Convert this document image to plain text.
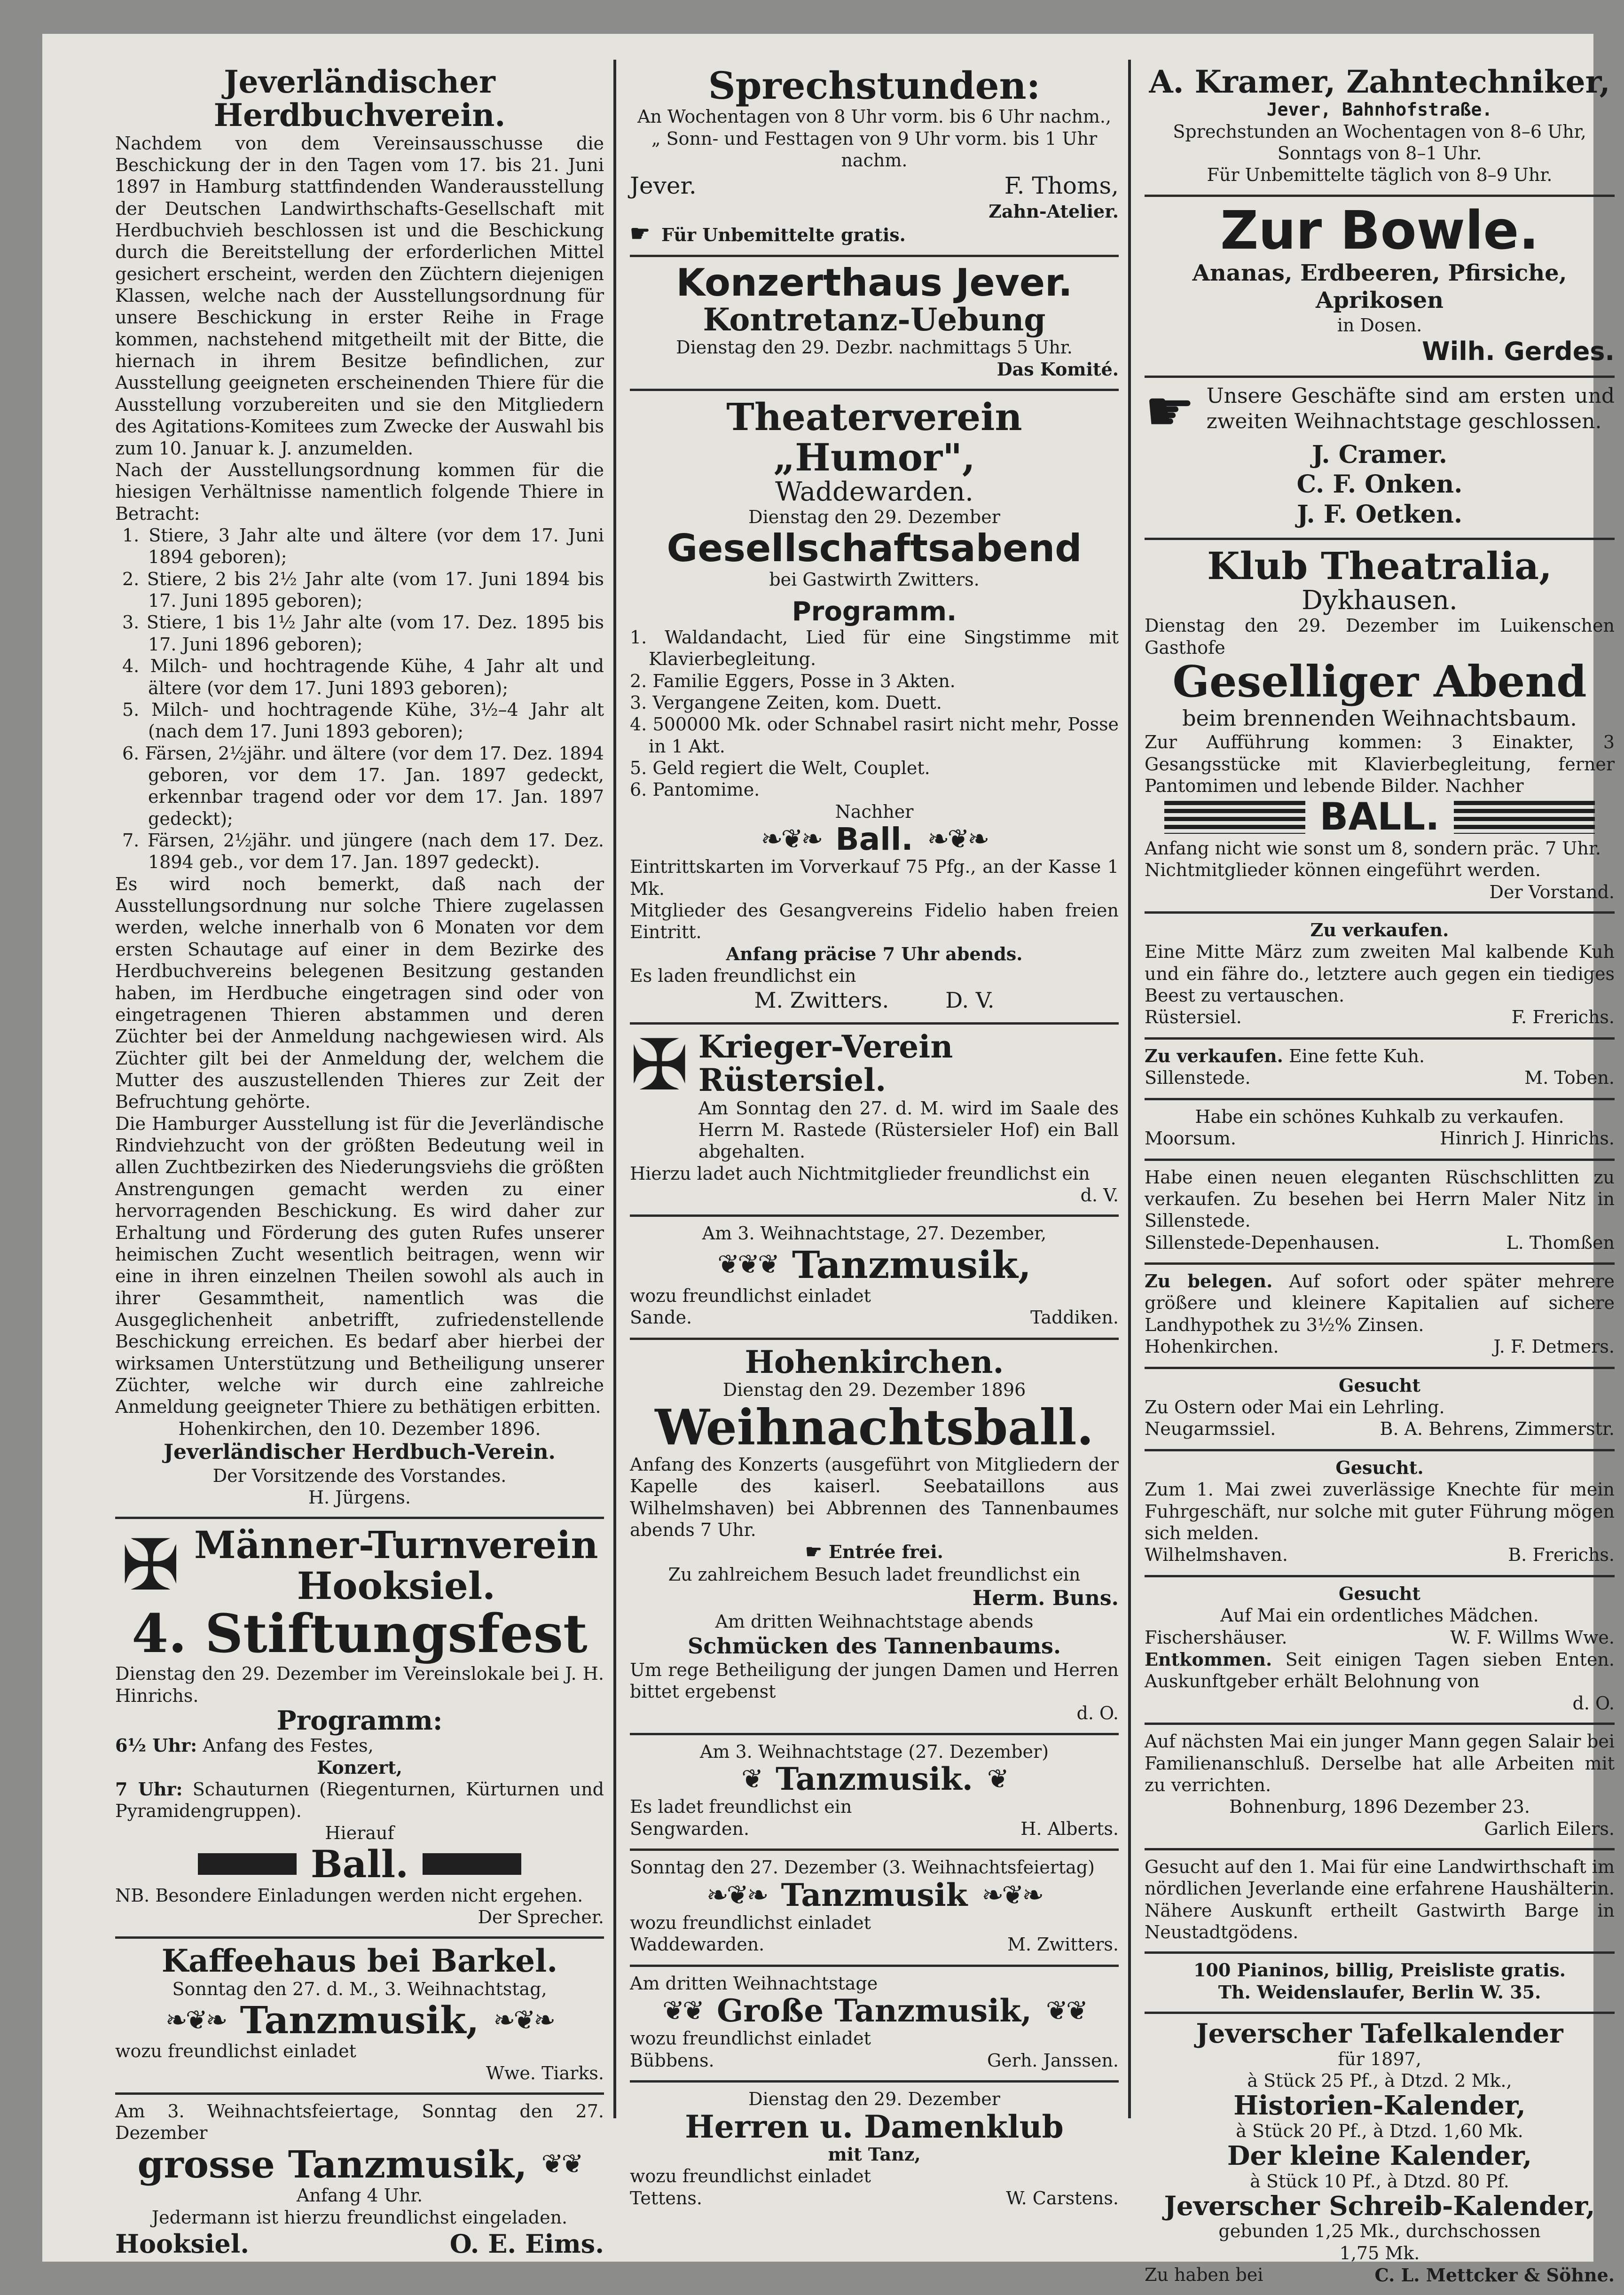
Jeverländischer Herdbuchverein.

Nachdem von dem Vereinsausschusse die Beschickung der in den Tagen vom 17. bis 21. Juni 1897 in Hamburg stattfindenden Wanderausstellung der Deutschen Landwirthschafts-Gesellschaft mit Herdbuchvieh beschlossen ist und die Beschickung durch die Bereitstellung der erforderlichen Mittel gesichert erscheint, werden den Züchtern diejenigen Klassen, welche nach der Ausstellungsordnung für unsere Beschickung in erster Reihe in Frage kommen, nachstehend mitgetheilt mit der Bitte, die hiernach in ihrem Besitze befindlichen, zur Ausstellung geeigneten erscheinenden Thiere für die Ausstellung vorzubereiten und sie den Mitgliedern des Agitations-Komitees zum Zwecke der Auswahl bis zum 10. Januar k. J. anzumelden.

Nach der Ausstellungsordnung kommen für die hiesigen Verhältnisse namentlich folgende Thiere in Betracht:

1. Stiere, 3 Jahr alte und ältere (vor dem 17. Juni 1894 geboren);

2. Stiere, 2 bis 2½ Jahr alte (vom 17. Juni 1894 bis 17. Juni 1895 geboren);

3. Stiere, 1 bis 1½ Jahr alte (vom 17. Dez. 1895 bis 17. Juni 1896 geboren);

4. Milch- und hochtragende Kühe, 4 Jahr alt und ältere (vor dem 17. Juni 1893 geboren);

5. Milch- und hochtragende Kühe, 3½–4 Jahr alt (nach dem 17. Juni 1893 geboren);

6. Färsen, 2½jähr. und ältere (vor dem 17. Dez. 1894 geboren, vor dem 17. Jan. 1897 gedeckt, erkennbar tragend oder vor dem 17. Jan. 1897 gedeckt);

7. Färsen, 2½jähr. und jüngere (nach dem 17. Dez. 1894 geb., vor dem 17. Jan. 1897 gedeckt).

Es wird noch bemerkt, daß nach der Ausstellungsordnung nur solche Thiere zugelassen werden, welche innerhalb von 6 Monaten vor dem ersten Schautage auf einer in dem Bezirke des Herdbuchvereins belegenen Besitzung gestanden haben, im Herdbuche eingetragen sind oder von eingetragenen Thieren abstammen und deren Züchter bei der Anmeldung nachgewiesen wird. Als Züchter gilt bei der Anmeldung der, welchem die Mutter des auszustellenden Thieres zur Zeit der Befruchtung gehörte.

Die Hamburger Ausstellung ist für die Jeverländische Rindviehzucht von der größten Bedeutung weil in allen Zuchtbezirken des Niederungsviehs die größten Anstrengungen gemacht werden zu einer hervorragenden Beschickung. Es wird daher zur Erhaltung und Förderung des guten Rufes unserer heimischen Zucht wesentlich beitragen, wenn wir eine in ihren einzelnen Theilen sowohl als auch in ihrer Gesammtheit, namentlich was die Ausgeglichenheit anbetrifft, zufriedenstellende Beschickung erreichen. Es bedarf aber hierbei der wirksamen Unterstützung und Betheiligung unserer Züchter, welche wir durch eine zahlreiche Anmeldung geeigneter Thiere zu bethätigen erbitten.

Hohenkirchen, den 10. Dezember 1896.

Jeverländischer Herdbuch-Verein.

Der Vorsitzende des Vorstandes.

H. Jürgens.

✠ Männer-Turnverein
Hooksiel.
4. Stiftungsfest

Dienstag den 29. Dezember im Vereinslokale bei J. H. Hinrichs.

Programm:

6½ Uhr: Anfang des Festes,

Konzert,

7 Uhr: Schauturnen (Riegenturnen, Kürturnen und Pyramidengruppen).

Hierauf

Ball.

NB. Besondere Einladungen werden nicht ergehen.

Der Sprecher.

Kaffeehaus bei Barkel.

Sonntag den 27. d. M., 3. Weihnachtstag,

❧❦❧ Tanzmusik, ❧❦❧

wozu freundlichst einladet

Wwe. Tiarks.

Am 3. Weihnachtsfeiertage, Sonntag den 27. Dezember

grosse Tanzmusik, ❦❦

Anfang 4 Uhr.

Jedermann ist hierzu freundlichst eingeladen.

Hooksiel.	O. E. Eims.
Sprechstunden:

An Wochentagen von 8 Uhr vorm. bis 6 Uhr nachm.,

„ Sonn- und Festtagen von 9 Uhr vorm. bis 1 Uhr nachm.

Jever.	F. Thoms,

Zahn-Atelier.

☛ Für Unbemittelte gratis.

Konzerthaus Jever.
Kontretanz-Uebung

Dienstag den 29. Dezbr. nachmittags 5 Uhr.

Das Komité.

Theaterverein „Humor",
Waddewarden.

Dienstag den 29. Dezember

Gesellschaftsabend

bei Gastwirth Zwitters.

Programm.

1. Waldandacht, Lied für eine Singstimme mit Klavierbegleitung.

2. Familie Eggers, Posse in 3 Akten.

3. Vergangene Zeiten, kom. Duett.

4. 500000 Mk. oder Schnabel rasirt nicht mehr, Posse in 1 Akt.

5. Geld regiert die Welt, Couplet.

6. Pantomime.

Nachher

❧❦❧ Ball. ❧❦❧

Eintrittskarten im Vorverkauf 75 Pfg., an der Kasse 1 Mk.

Mitglieder des Gesangvereins Fidelio haben freien Eintritt.

Anfang präcise 7 Uhr abends.

Es laden freundlichst ein

M. Zwitters.	D. V.
✠ Krieger-Verein Rüstersiel.

Am Sonntag den 27. d. M. wird im Saale des Herrn M. Rastede (Rüstersieler Hof) ein Ball abgehalten.

Hierzu ladet auch Nichtmitglieder freundlichst ein

d. V.

Am 3. Weihnachtstage, 27. Dezember,

❦❦❦ Tanzmusik,

wozu freundlichst einladet

Sande.	Taddiken.
Hohenkirchen.

Dienstag den 29. Dezember 1896

Weihnachtsball.

Anfang des Konzerts (ausgeführt von Mitgliedern der Kapelle des kaiserl. Seebataillons aus Wilhelmshaven) bei Abbrennen des Tannenbaumes abends 7 Uhr.

☛ Entrée frei.

Zu zahlreichem Besuch ladet freundlichst ein

Herm. Buns.

Am dritten Weihnachtstage abends

Schmücken des Tannenbaums.

Um rege Betheiligung der jungen Damen und Herren bittet ergebenst

d. O.

Am 3. Weihnachtstage (27. Dezember)

❦ Tanzmusik. ❦

Es ladet freundlichst ein

Sengwarden.	H. Alberts.

Sonntag den 27. Dezember (3. Weihnachtsfeiertag)

❧❦❧ Tanzmusik ❧❦❧

wozu freundlichst einladet

Waddewarden.	M. Zwitters.

Am dritten Weihnachtstage

❦❦ Große Tanzmusik, ❦❦

wozu freundlichst einladet

Bübbens.	Gerh. Janssen.

Dienstag den 29. Dezember

Herren u. Damenklub

mit Tanz,

wozu freundlichst einladet

Tettens.	W. Carstens.
A. Kramer, Zahntechniker,

Jever, Bahnhofstraße.

Sprechstunden an Wochentagen von 8–6 Uhr,

Sonntags von 8–1 Uhr.

Für Unbemittelte täglich von 8–9 Uhr.

Zur Bowle.

Ananas, Erdbeeren, Pfirsiche, Aprikosen

in Dosen.

Wilh. Gerdes.

☛ Unsere Geschäfte sind am ersten und zweiten Weihnachtstage geschlossen.

J. Cramer.

C. F. Onken.

J. F. Oetken.

Klub Theatralia,
Dykhausen.

Dienstag den 29. Dezember im Luikenschen Gasthofe

Geselliger Abend

beim brennenden Weihnachtsbaum.

Zur Aufführung kommen: 3 Einakter, 3 Gesangsstücke mit Klavierbegleitung, ferner Pantomimen und lebende Bilder. Nachher

BALL.

Anfang nicht wie sonst um 8, sondern präc. 7 Uhr.

Nichtmitglieder können eingeführt werden.

Der Vorstand.

Zu verkaufen.

Eine Mitte März zum zweiten Mal kalbende Kuh und ein fähre do., letztere auch gegen ein tiediges Beest zu vertauschen.

Rüstersiel.	F. Frerichs.

Zu verkaufen. Eine fette Kuh.

Sillenstede.	M. Toben.

Habe ein schönes Kuhkalb zu verkaufen.

Moorsum.	Hinrich J. Hinrichs.

Habe einen neuen eleganten Rüschschlitten zu verkaufen. Zu besehen bei Herrn Maler Nitz in Sillenstede.

Sillenstede-Depenhausen.	L. Thomßen

Zu belegen. Auf sofort oder später mehrere größere und kleinere Kapitalien auf sichere Landhypothek zu 3½% Zinsen.

Hohenkirchen.	J. F. Detmers.

Gesucht

Zu Ostern oder Mai ein Lehrling.

Neugarmssiel.	B. A. Behrens, Zimmerstr.

Gesucht.

Zum 1. Mai zwei zuverlässige Knechte für mein Fuhrgeschäft, nur solche mit guter Führung mögen sich melden.

Wilhelmshaven.	B. Frerichs.

Gesucht

Auf Mai ein ordentliches Mädchen.

Fischershäuser.	W. F. Willms Wwe.

Entkommen. Seit einigen Tagen sieben Enten. Auskunftgeber erhält Belohnung von

d. O.

Auf nächsten Mai ein junger Mann gegen Salair bei Familienanschluß. Derselbe hat alle Arbeiten mit zu verrichten.

Bohnenburg, 1896 Dezember 23.

Garlich Eilers.

Gesucht auf den 1. Mai für eine Landwirthschaft im nördlichen Jeverlande eine erfahrene Haushälterin. Nähere Auskunft ertheilt Gastwirth Barge in Neustadtgödens.

100 Pianinos, billig, Preisliste gratis.

Th. Weidenslaufer, Berlin W. 35.

Jeverscher Tafelkalender

für 1897,

à Stück 25 Pf., à Dtzd. 2 Mk.,

Historien-Kalender,

à Stück 20 Pf., à Dtzd. 1,60 Mk.

Der kleine Kalender,

à Stück 10 Pf., à Dtzd. 80 Pf.

Jeverscher Schreib-Kalender,

gebunden 1,25 Mk., durchschossen

1,75 Mk.

Zu haben bei	C. L. Mettcker & Söhne.
